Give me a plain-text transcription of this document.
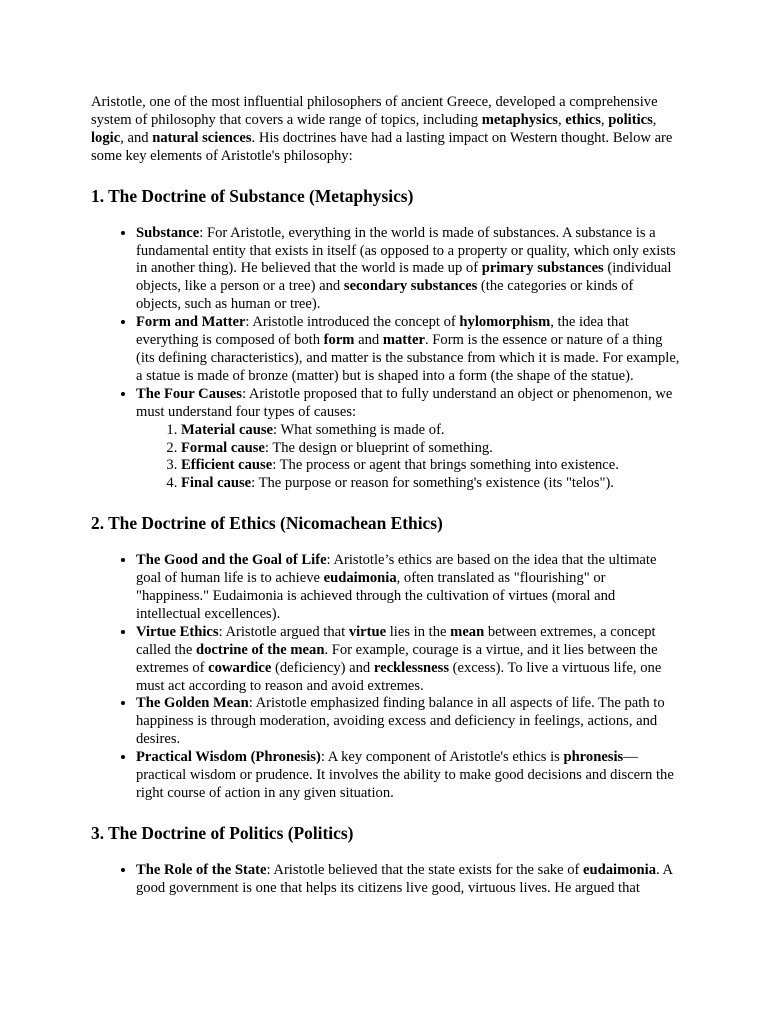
Aristotle, one of the most influential philosophers of ancient Greece, developed a comprehensive system of philosophy that covers a wide range of topics, including metaphysics, ethics, politics, logic, and natural sciences. His doctrines have had a lasting impact on Western thought. Below are some key elements of Aristotle's philosophy:

1. The Doctrine of Substance (Metaphysics)
• Substance: For Aristotle, everything in the world is made of substances. A substance is a fundamental entity that exists in itself (as opposed to a property or quality, which only exists in another thing). He believed that the world is made up of primary substances (individual objects, like a person or a tree) and secondary substances (the categories or kinds of objects, such as human or tree).
• Form and Matter: Aristotle introduced the concept of hylomorphism, the idea that everything is composed of both form and matter. Form is the essence or nature of a thing (its defining characteristics), and matter is the substance from which it is made. For example, a statue is made of bronze (matter) but is shaped into a form (the shape of the statue).
• The Four Causes: Aristotle proposed that to fully understand an object or phenomenon, we must understand four types of causes:
1. Material cause: What something is made of.
2. Formal cause: The design or blueprint of something.
3. Efficient cause: The process or agent that brings something into existence.
4. Final cause: The purpose or reason for something's existence (its "telos").
2. The Doctrine of Ethics (Nicomachean Ethics)
• The Good and the Goal of Life: Aristotle’s ethics are based on the idea that the ultimate goal of human life is to achieve eudaimonia, often translated as "flourishing" or "happiness." Eudaimonia is achieved through the cultivation of virtues (moral and intellectual excellences).
• Virtue Ethics: Aristotle argued that virtue lies in the mean between extremes, a concept called the doctrine of the mean. For example, courage is a virtue, and it lies between the extremes of cowardice (deficiency) and recklessness (excess). To live a virtuous life, one must act according to reason and avoid extremes.
• The Golden Mean: Aristotle emphasized finding balance in all aspects of life. The path to happiness is through moderation, avoiding excess and deficiency in feelings, actions, and desires.
• Practical Wisdom (Phronesis): A key component of Aristotle's ethics is phronesis—practical wisdom or prudence. It involves the ability to make good decisions and discern the right course of action in any given situation.
3. The Doctrine of Politics (Politics)
• The Role of the State: Aristotle believed that the state exists for the sake of eudaimonia. A good government is one that helps its citizens live good, virtuous lives. He argued that
